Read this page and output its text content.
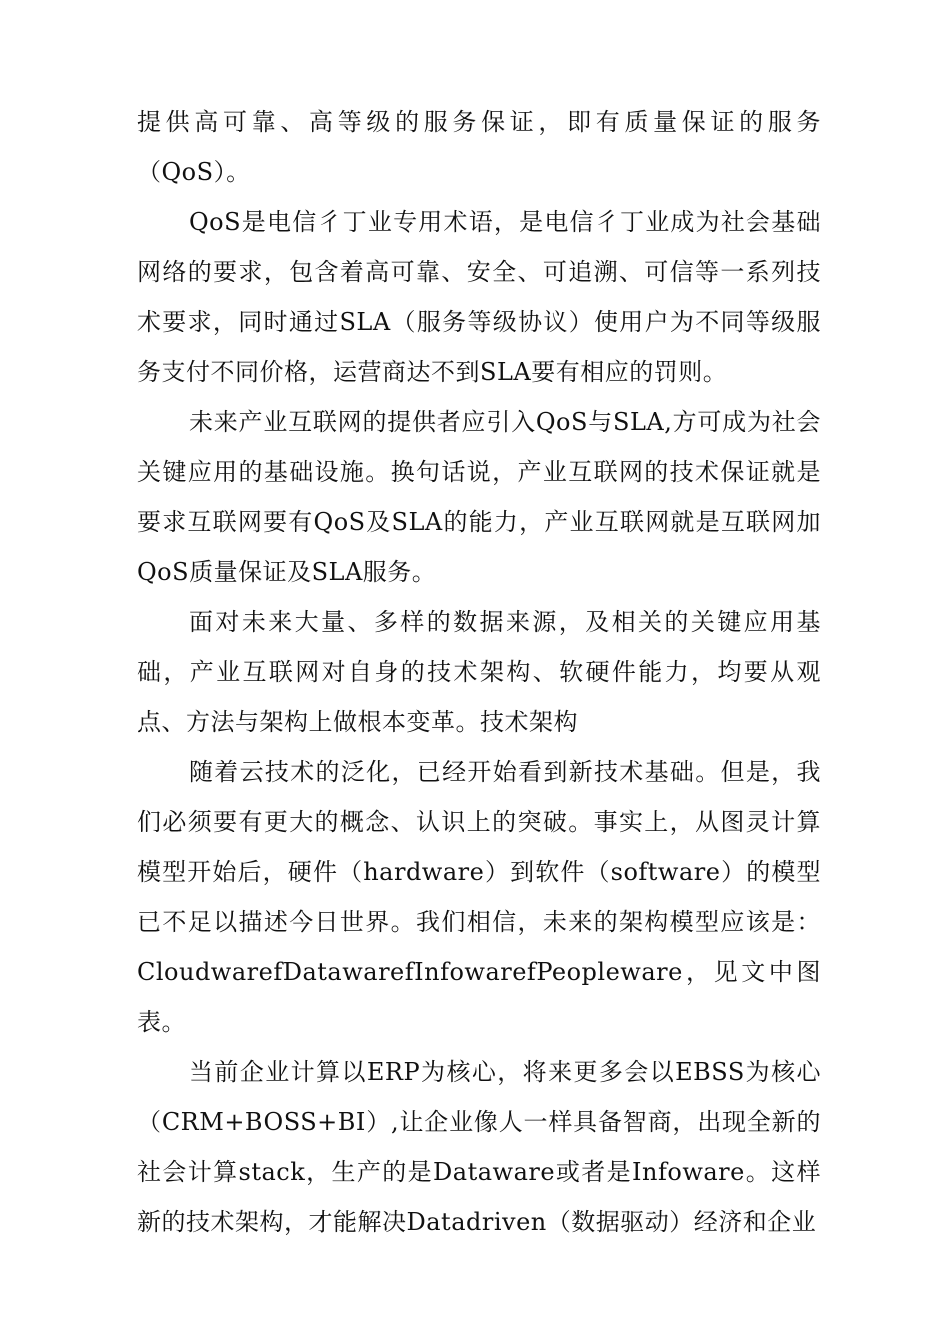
提供高可靠、高等级的服务保证，即有质量保证的服务（QoS）。

QoS是电信彳丁业专用术语，是电信彳丁业成为社会基础网络的要求，包含着高可靠、安全、可追溯、可信等一系列技术要求，同时通过SLA（服务等级协议）使用户为不同等级服务支付不同价格，运营商达不到SLA要有相应的罚则。

未来产业互联网的提供者应引入QoS与SLA,方可成为社会关键应用的基础设施。换句话说，产业互联网的技术保证就是要求互联网要有QoS及SLA的能力，产业互联网就是互联网加QoS质量保证及SLA服务。

面对未来大量、多样的数据来源，及相关的关键应用基础，产业互联网对自身的技术架构、软硬件能力，均要从观点、方法与架构上做根本变革。技术架构

随着云技术的泛化，已经开始看到新技术基础。但是，我们必须要有更大的概念、认识上的突破。事实上，从图灵计算模型开始后，硬件（hardware）到软件（software）的模型已不足以描述今日世界。我们相信，未来的架构模型应该是：CloudwarefDatawarefInfowarefPeopleware，见文中图表。

当前企业计算以ERP为核心，将来更多会以EBSS为核心（CRM+BOSS+BI）,让企业像人一样具备智商，出现全新的社会计算stack，生产的是Dataware或者是Infoware。这样新的技术架构，才能解决Datadriven（数据驱动）经济和企业
